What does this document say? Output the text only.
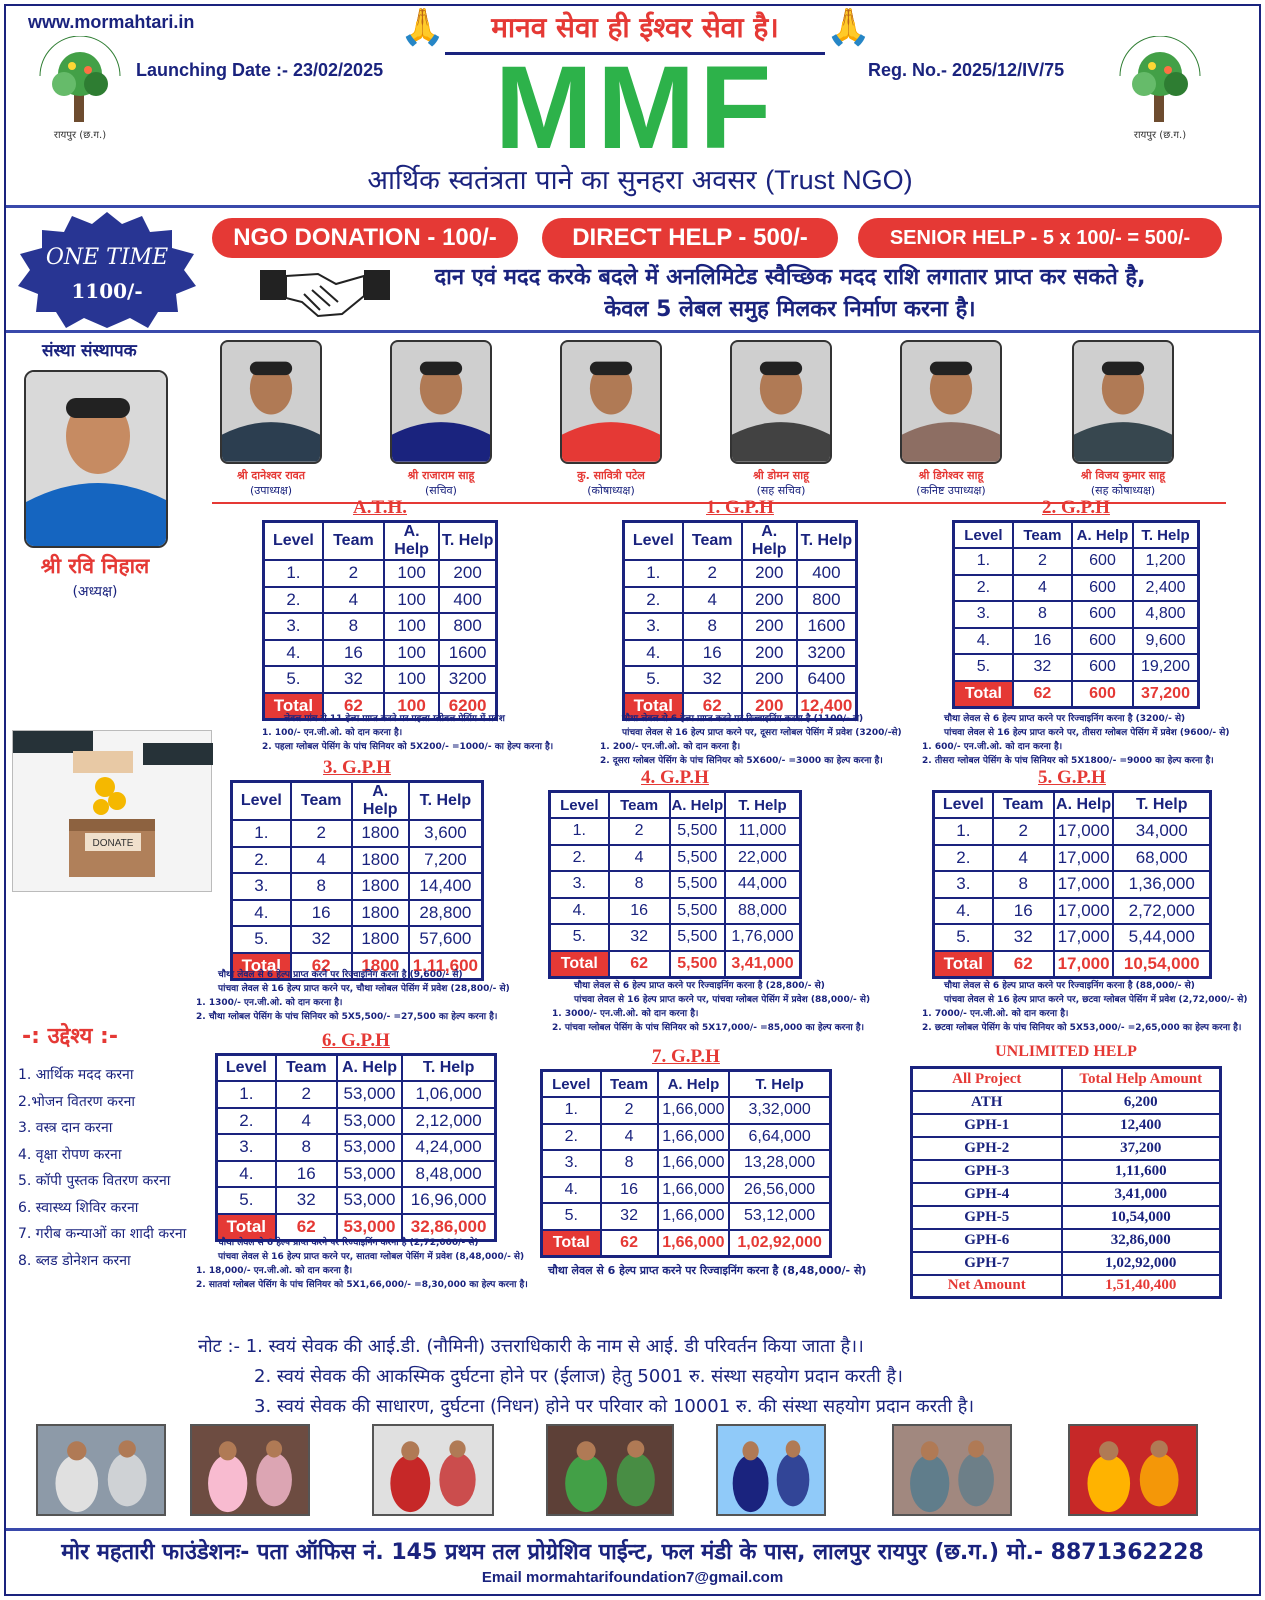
www.mormahtari.in
रायपुर (छ.ग.)	रायपुर (छ.ग.)
Launching Date :- 23/02/2025	Reg. No.- 2025/12/IV/75
🙏	🙏
मानव सेवा ही ईश्वर सेवा है।
MMF
आर्थिक स्वतंत्रता पाने का सुनहरा अवसर (Trust NGO)
ONE TIME
1100/-
NGO DONATION - 100/-	DIRECT HELP - 500/-	SENIOR HELP - 5 x 100/- = 500/-
दान एवं मदद करके बदले में अनलिमिटेड स्वैच्छिक मदद राशि लगातार प्राप्त कर सकते है,
केवल 5 लेबल समुह मिलकर निर्माण करना है।
संस्था संस्थापक
श्री रवि निहाल
(अध्यक्ष)
श्री दानेश्वर रावत
(उपाध्यक्ष)
श्री राजाराम साहू
(सचिव)
कु. सावित्री पटेल
(कोषाध्यक्ष)
श्री डोमन साहू
(सह सचिव)
श्री डिगेश्वर साहू
(कनिष्ट उपाध्यक्ष)
श्री विजय कुमार साहू
(सह कोषाध्यक्ष)
DONATE
A.T.H.
Level	Team	A. Help	T. Help
1.	2	100	200
2.	4	100	400
3.	8	100	800
4.	16	100	1600
5.	32	100	3200
Total	62	100	6200
लेवल पांच से 11 हेल्प प्राप्त करने पर पहला ग्लोबल पेसिंग में प्रवेश
1. 100/- एन.जी.ओ. को दान करना है।
2. पहला ग्लोबल पेसिंग के पांच सिनियर को 5X200/- =1000/- का हेल्प करना है।
1. G.P.H
Level	Team	A. Help	T. Help
1.	2	200	400
2.	4	200	800
3.	8	200	1600
4.	16	200	3200
5.	32	200	6400
Total	62	200	12,400
चौथा लेवल से 6 हेल्प प्राप्त करने पर रिज्वाइनिंग करना है (1100/- से)
पांचवा लेवल से 16 हेल्प प्राप्त करने पर, दूसरा ग्लोबल पेसिंग में प्रवेश (3200/-से)
1. 200/- एन.जी.ओ. को दान करना है।
2. दूसरा ग्लोबल पेसिंग के पांच सिनियर को 5X600/- =3000 का हेल्प करना है।
2. G.P.H
Level	Team	A. Help	T. Help
1.	2	600	1,200
2.	4	600	2,400
3.	8	600	4,800
4.	16	600	9,600
5.	32	600	19,200
Total	62	600	37,200
चौथा लेवल से 6 हेल्प प्राप्त करने पर रिज्वाइनिंग करना है (3200/- से)
पांचवा लेवल से 16 हेल्प प्राप्त करने पर, तीसरा ग्लोबल पेसिंग में प्रवेश (9600/- से)
1. 600/- एन.जी.ओ. को दान करना है।
2. तीसरा ग्लोबल पेसिंग के पांच सिनियर को 5X1800/- =9000 का हेल्प करना है।
3. G.P.H
Level	Team	A. Help	T. Help
1.	2	1800	3,600
2.	4	1800	7,200
3.	8	1800	14,400
4.	16	1800	28,800
5.	32	1800	57,600
Total	62	1800	1,11,600
चौथा लेवल से 6 हेल्प प्राप्त करने पर रिज्वाइनिंग करना है (9,600/- से)
पांचवा लेवल से 16 हेल्प प्राप्त करने पर, चौथा ग्लोबल पेसिंग में प्रवेश (28,800/- से)
1. 1300/- एन.जी.ओ. को दान करना है।
2. चौथा ग्लोबल पेसिंग के पांच सिनियर को 5X5,500/- =27,500 का हेल्प करना है।
4. G.P.H
Level	Team	A. Help	T. Help
1.	2	5,500	11,000
2.	4	5,500	22,000
3.	8	5,500	44,000
4.	16	5,500	88,000
5.	32	5,500	1,76,000
Total	62	5,500	3,41,000
चौथा लेवल से 6 हेल्प प्राप्त करने पर रिज्वाइनिंग करना है (28,800/- से)
पांचवा लेवल से 16 हेल्प प्राप्त करने पर, पांचवा ग्लोबल पेसिंग में प्रवेश (88,000/- से)
1. 3000/- एन.जी.ओ. को दान करना है।
2. पांचवा ग्लोबल पेसिंग के पांच सिनियर को 5X17,000/- =85,000 का हेल्प करना है।
5. G.P.H
Level	Team	A. Help	T. Help
1.	2	17,000	34,000
2.	4	17,000	68,000
3.	8	17,000	1,36,000
4.	16	17,000	2,72,000
5.	32	17,000	5,44,000
Total	62	17,000	10,54,000
चौथा लेवल से 6 हेल्प प्राप्त करने पर रिज्वाइनिंग करना है (88,000/- से)
पांचवा लेवल से 16 हेल्प प्राप्त करने पर, छटवा ग्लोबल पेसिंग में प्रवेश (2,72,000/- से)
1. 7000/- एन.जी.ओ. को दान करना है।
2. छटवा ग्लोबल पेसिंग के पांच सिनियर को 5X53,000/- =2,65,000 का हेल्प करना है।
6. G.P.H
Level	Team	A. Help	T. Help
1.	2	53,000	1,06,000
2.	4	53,000	2,12,000
3.	8	53,000	4,24,000
4.	16	53,000	8,48,000
5.	32	53,000	16,96,000
Total	62	53,000	32,86,000
चौथा लेवल से 6 हेल्प प्राप्त करने पर रिज्वाइनिंग करना है (2,72,000/- से)
पांचवा लेवल से 16 हेल्प प्राप्त करने पर, सातवा ग्लोबल पेसिंग में प्रवेश (8,48,000/- से)
1. 18,000/- एन.जी.ओ. को दान करना है।
2. सातवां ग्लोबल पेसिंग के पांच सिनियर को 5X1,66,000/- =8,30,000 का हेल्प करना है।
7. G.P.H
Level	Team	A. Help	T. Help
1.	2	1,66,000	3,32,000
2.	4	1,66,000	6,64,000
3.	8	1,66,000	13,28,000
4.	16	1,66,000	26,56,000
5.	32	1,66,000	53,12,000
Total	62	1,66,000	1,02,92,000
चौथा लेवल से 6 हेल्प प्राप्त करने पर रिज्वाइनिंग करना है (8,48,000/- से)
-: उद्देश्य :-
1. आर्थिक मदद करना
2.भोजन वितरण करना
3. वस्त्र दान करना
4. वृक्षा रोपण करना
5. कॉपी पुस्तक वितरण करना
6. स्वास्थ्य शिविर करना
7. गरीब कन्याओं का शादी करना
8. ब्लड डोनेशन करना
UNLIMITED HELP
All Project	Total Help Amount
ATH	6,200
GPH-1	12,400
GPH-2	37,200
GPH-3	1,11,600
GPH-4	3,41,000
GPH-5	10,54,000
GPH-6	32,86,000
GPH-7	1,02,92,000
Net Amount	1,51,40,400
नोट :- 1. स्वयं सेवक की आई.डी. (नौमिनी) उत्तराधिकारी के नाम से आई. डी परिवर्तन किया जाता है।।
2. स्वयं सेवक की आकस्मिक दुर्घटना होने पर (ईलाज) हेतु 5001 रु. संस्था सहयोग प्रदान करती है।
3. स्वयं सेवक की साधारण, दुर्घटना (निधन) होने पर परिवार को 10001 रु. की संस्था सहयोग प्रदान करती है।
मोर महतारी फाउंडेशनः- पता ऑफिस नं. 145 प्रथम तल प्रोग्रेशिव पाईन्ट, फल मंडी के पास, लालपुर रायपुर (छ.ग.) मो.- 8871362228
Email mormahtarifoundation7@gmail.com
